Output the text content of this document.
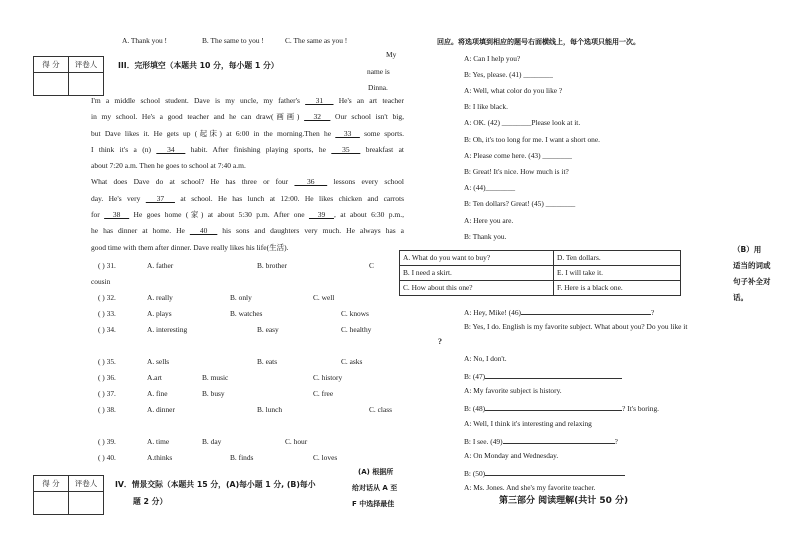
A. Thank you !	B. The same to you !	C. The same as you !
My
name is
Dinna.
得 分	评卷人
		III．完形填空（本题共 10 分，每小题 1 分）
I'm a middle school student. Dave is my uncle, my father's   31   He's an art teacher
in my school. He's a good teacher and he can draw(画画)   32   Our school isn't big,
but Dave likes it. He gets up (起床) at 6:00 in the morning.Then he   33   some sports.
I think it's a (n)   34   habit. After finishing playing sports, he   35   breakfast at
about 7:20 a.m. Then he goes to school at 7:40 a.m.
What does Dave do at school? He has three or four   36   lessons every school
day. He's very   37   at school. He has lunch at 12:00. He likes chicken and carrots
for   38   He goes home (家) at about 5:30 p.m. After one   39  , at about 6:30 p.m.,
he has dinner at home. He   40   his sons and daughters very much. He always has a
good time with them after dinner. Dave really likes his life(生活).
( ) 31.	A. father	B. brother	C
cousin
( ) 32.	A. really	B. only	C. well
( ) 33.	A. plays	B. watches	C. knows
( ) 34.	A. interesting	B. easy	C. healthy
( ) 35.	A. sells	B. eats	C. asks
( ) 36.	A.art	B. music	C. history
( ) 37.	A. fine	B. busy	C. free
( ) 38.	A. dinner	B. lunch	C. class
( ) 39.	A. time	B. day	C. hour
( ) 40.	A.thinks	B. finds	C. loves
得 分	评卷人
	IV．情景交际（本题共 15 分，(A)每小题 1 分, (B)每小
题 2 分）
(A) 根据所
给对话从 A 至
F 中选择最佳
回应。将选项填到相应的题号右面横线上，每个选项只能用一次。
A: Can I help you?
B: Yes, please. (41) ________
A: Well, what color do you like ?
B: I like black.
A: OK. (42) ________Please look at it.
B: Oh, it's too long for me. I want a short one.
A: Please come here. (43) ________
B: Great! It's nice. How much is it?
A: (44)________
B: Ten dollars? Great! (45) ________
A: Here you are.
B: Thank you.
A. What do you want to buy?	D. Ten dollars.
B. I need a skirt.	E. I will take it.
C. How about this one?	F. Here is a black one.
（B）用
适当的词或
句子补全对
话。
A: Hey, Mike! (46)	?
B: Yes, I do. English is my favorite subject. What about you? Do you like it
?
A: No, I don't.
B: (47)
A: My favorite subject is history.
B: (48)	? It's boring.
A: Well, I think it's interesting and relaxing
B: I see. (49)	?
A: On Monday and Wednesday.
B: (50)
A: Ms. Jones. And she's my favorite teacher.
第三部分 阅读理解(共计 50 分)
